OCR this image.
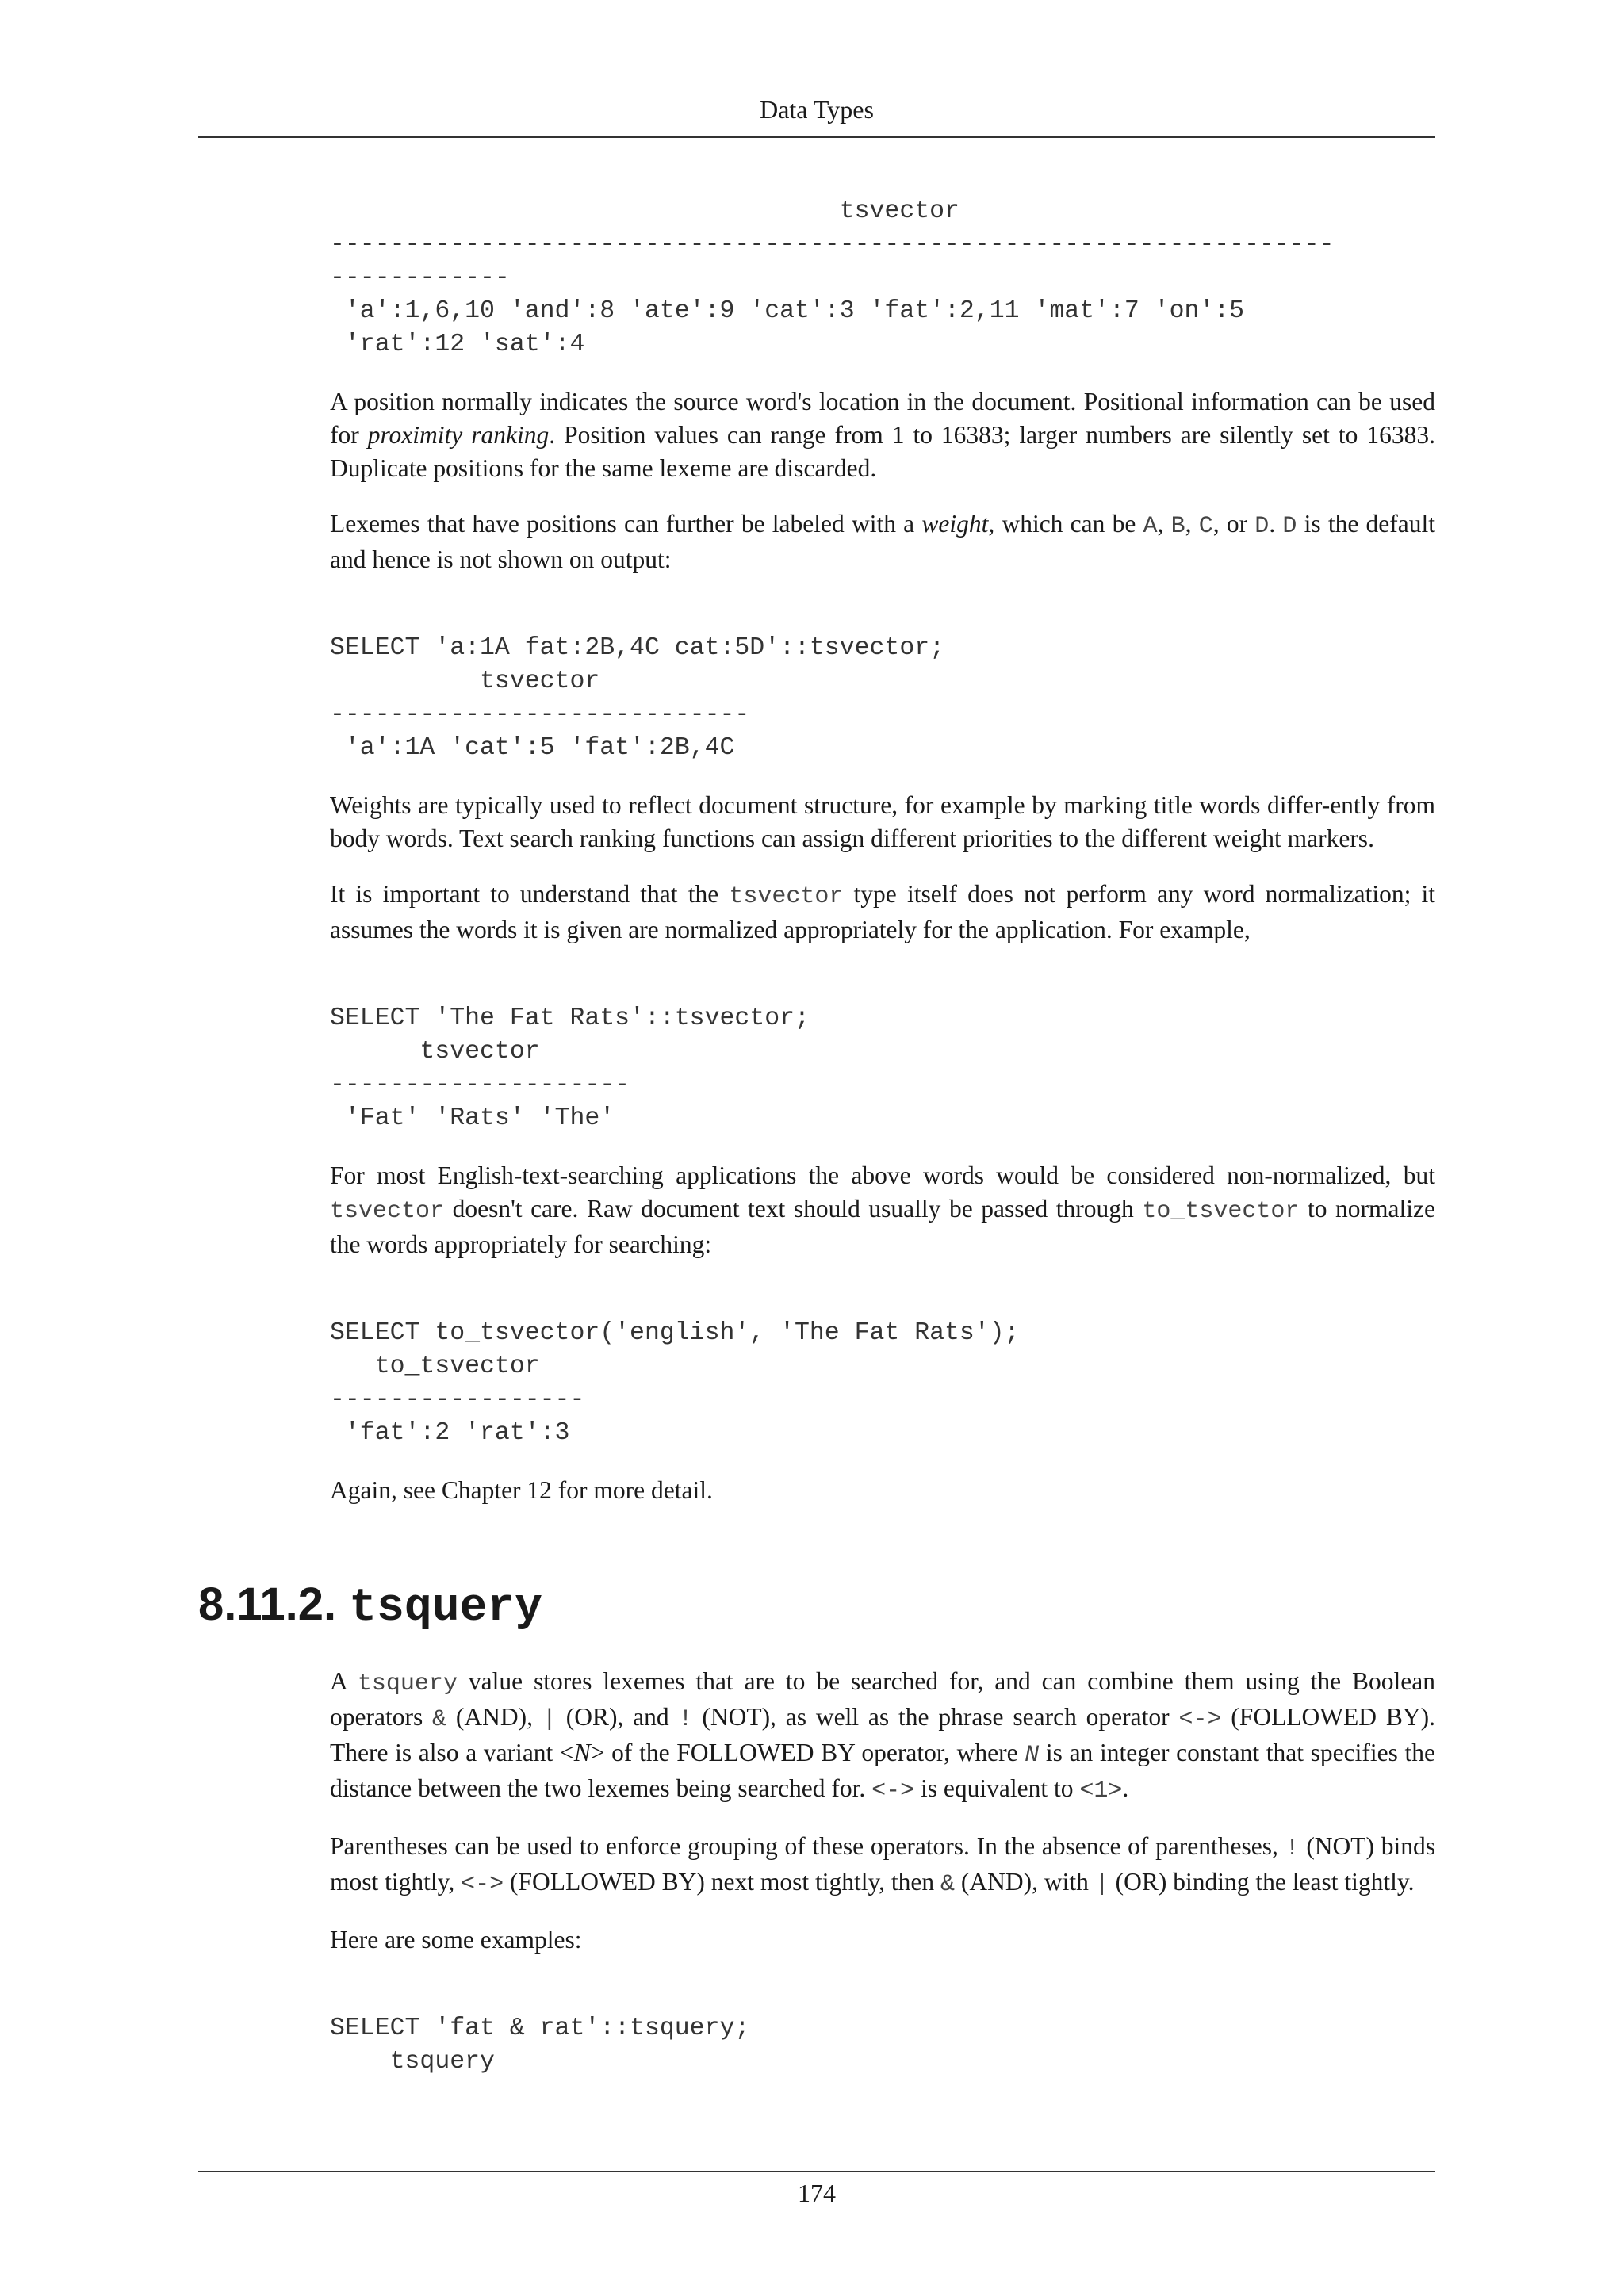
Data Types
tsvector
-------------------------------------------------------------------
------------
'a':1,6,10 'and':8 'ate':9 'cat':3 'fat':2,11 'mat':7 'on':5
'rat':12 'sat':4

A position normally indicates the source word's location in the document. Positional information can be used for proximity ranking. Position values can range from 1 to 16383; larger numbers are silently set to 16383. Duplicate positions for the same lexeme are discarded.

Lexemes that have positions can further be labeled with a weight, which can be A, B, C, or D. D is the default and hence is not shown on output:

SELECT 'a:1A fat:2B,4C cat:5D'::tsvector;
tsvector
----------------------------
'a':1A 'cat':5 'fat':2B,4C

Weights are typically used to reflect document structure, for example by marking title words differ-ently from body words. Text search ranking functions can assign different priorities to the different weight markers.

It is important to understand that the tsvector type itself does not perform any word normalization; it assumes the words it is given are normalized appropriately for the application. For example,

SELECT 'The Fat Rats'::tsvector;
tsvector
--------------------
'Fat' 'Rats' 'The'

For most English-text-searching applications the above words would be considered non-normalized, but tsvector doesn't care. Raw document text should usually be passed through to_tsvector to normalize the words appropriately for searching:

SELECT to_tsvector('english', 'The Fat Rats');
to_tsvector
-----------------
'fat':2 'rat':3

Again, see Chapter 12 for more detail.

8.11.2. tsquery

A tsquery value stores lexemes that are to be searched for, and can combine them using the Boolean operators & (AND), | (OR), and ! (NOT), as well as the phrase search operator <-> (FOLLOWED BY). There is also a variant <N> of the FOLLOWED BY operator, where N is an integer constant that specifies the distance between the two lexemes being searched for. <-> is equivalent to <1>.

Parentheses can be used to enforce grouping of these operators. In the absence of parentheses, ! (NOT) binds most tightly, <-> (FOLLOWED BY) next most tightly, then & (AND), with | (OR) binding the least tightly.

Here are some examples:

SELECT 'fat & rat'::tsquery;
tsquery
174
